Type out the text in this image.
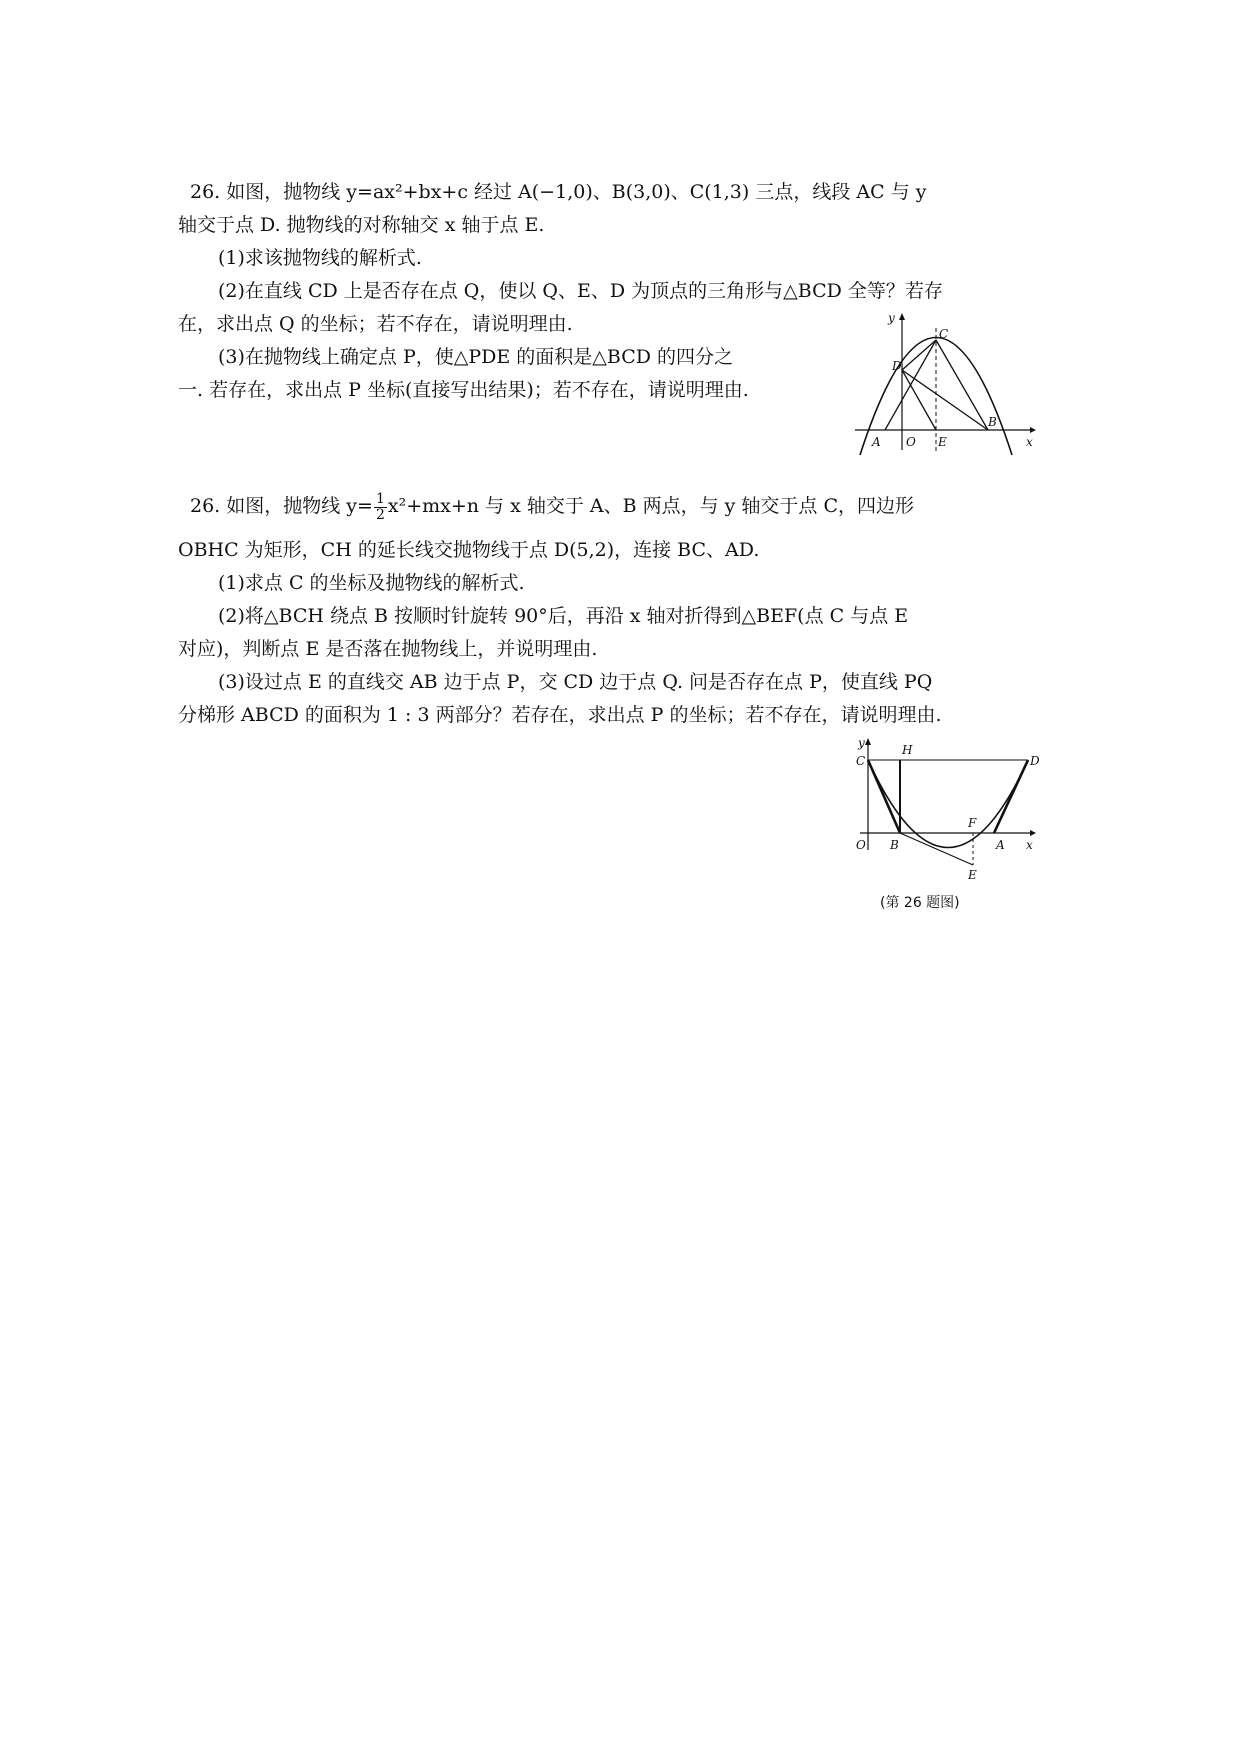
26. 如图，抛物线 y=ax²+bx+c 经过 A(−1,0)、B(3,0)、C(1,3) 三点，线段 AC 与 y
轴交于点 D. 抛物线的对称轴交 x 轴于点 E.
(1)求该抛物线的解析式.
(2)在直线 CD 上是否存在点 Q，使以 Q、E、D 为顶点的三角形与△BCD 全等？若存
在，求出点 Q 的坐标；若不存在，请说明理由.
(3)在抛物线上确定点 P，使△PDE 的面积是△BCD 的四分之
一. 若存在，求出点 P 坐标(直接写出结果)；若不存在，请说明理由.
y
x
A O E
B
C
D
26. 如图，抛物线 $y= \frac{1}{2} x^2+mx+n$ 与 x 轴交于 A、B 两点，与 y 轴交于点 C，四边形
OBHC 为矩形，CH 的延长线交抛物线于点 D(5,2)，连接 BC、AD.
(1)求点 C 的坐标及抛物线的解析式.
(2)将△BCH 绕点 B 按顺时针旋转 90°后，再沿 x 轴对折得到△BEF(点 C 与点 E
对应)，判断点 E 是否落在抛物线上，并说明理由.
(3)设过点 E 的直线交 AB 边于点 P，交 CD 边于点 Q. 问是否存在点 P，使直线 PQ
分梯形 ABCD 的面积为 1 : 3 两部分？若存在，求出点 P 的坐标；若不存在，请说明理由.
y
x
C
H
D
O B
F
A
E
(第 26 题图)
